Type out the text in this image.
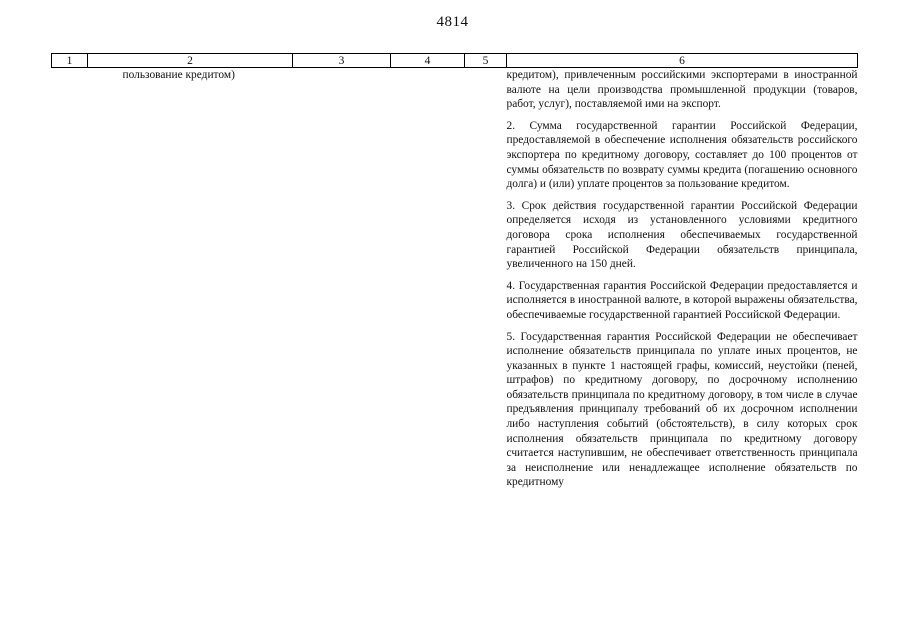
4814
1	2	3	4	5	6

	пользование кредитом)				кредитом), привлеченным российскими экспортерами в иностранной валюте на цели производства промышленной продукции (товаров, работ, услуг), поставляемой ими на экспорт.

2. Сумма государственной гарантии Российской Федерации, предоставляемой в обеспечение исполнения обязательств российского экспортера по кредитному договору, составляет до 100 процентов от суммы обязательств по возврату суммы кредита (погашению основного долга) и (или) уплате процентов за пользование кредитом.

3. Срок действия государственной гарантии Российской Федерации определяется исходя из установленного условиями кредитного договора срока исполнения обеспечиваемых государственной гарантией Российской Федерации обязательств принципала, увеличенного на 150 дней.

4. Государственная гарантия Российской Федерации предоставляется и исполняется в иностранной валюте, в которой выражены обязательства, обеспечиваемые государственной гарантией Российской Федерации.

5. Государственная гарантия Российской Федерации не обеспечивает исполнение обязательств принципала по уплате иных процентов, не указанных в пункте 1 настоящей графы, комиссий, неустойки (пеней, штрафов) по кредитному договору, по досрочному исполнению обязательств принципала по кредитному договору, в том числе в случае предъявления принципалу требований об их досрочном исполнении либо наступления событий (обстоятельств), в силу которых срок исполнения обязательств принципала по кредитному договору считается наступившим, не обеспечивает ответственность принципала за неисполнение или ненадлежащее исполнение обязательств по кредитному
